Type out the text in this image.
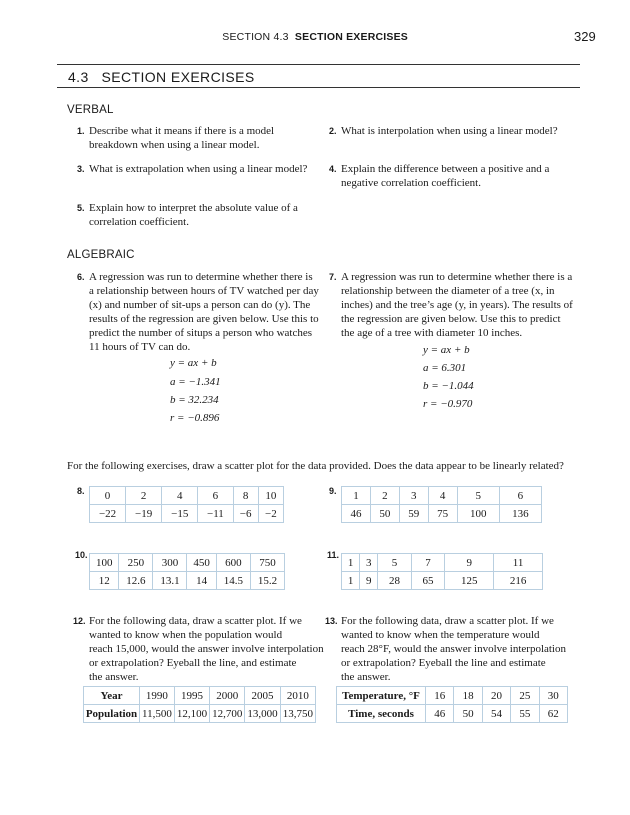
SECTION 4.3 SECTION EXERCISES	329
4.3   SECTION EXERCISES
VERBAL
1. Describe what it means if there is a model breakdown when using a linear model.
2. What is interpolation when using a linear model?
3. What is extrapolation when using a linear model?	4. Explain the difference between a positive and a negative correlation coefficient.
5. Explain how to interpret the absolute value of a correlation coefficient.
ALGEBRAIC
6. A regression was run to determine whether there is a relationship between hours of TV watched per day (x) and number of sit-ups a person can do (y). The results of the regression are given below. Use this to predict the number of situps a person who watches 11 hours of TV can do.
y = ax + b
a = −1.341
b = 32.234
r = −0.896
7. A regression was run to determine whether there is a relationship between the diameter of a tree (x, in inches) and the tree’s age (y, in years). The results of the regression are given below. Use this to predict the age of a tree with diameter 10 inches.
y = ax + b
a = 6.301
b = −1.044
r = −0.970
For the following exercises, draw a scatter plot for the data provided. Does the data appear to be linearly related?
8. 0	2	4	6	8	10
−22	−19	−15	−11	−6	−2
9. 1	2	3	4	5	6
46	50	59	75	100	136
10.
100	250	300	450	600	750
12	12.6	13.1	14	14.5	15.2
11.
1	3	5	7	9	11
1	9	28	65	125	216
12. For the following data, draw a scatter plot. If we
wanted to know when the population would
reach 15,000, would the answer involve interpolation
or extrapolation? Eyeball the line, and estimate
the answer.
Year	1990	1995	2000	2005	2010
Population	11,500	12,100	12,700	13,000	13,750
13. For the following data, draw a scatter plot. If we
wanted to know when the temperature would
reach 28°F, would the answer involve interpolation
or extrapolation? Eyeball the line and estimate
the answer.
Temperature, °F	16	18	20	25	30
Time, seconds	46	50	54	55	62
